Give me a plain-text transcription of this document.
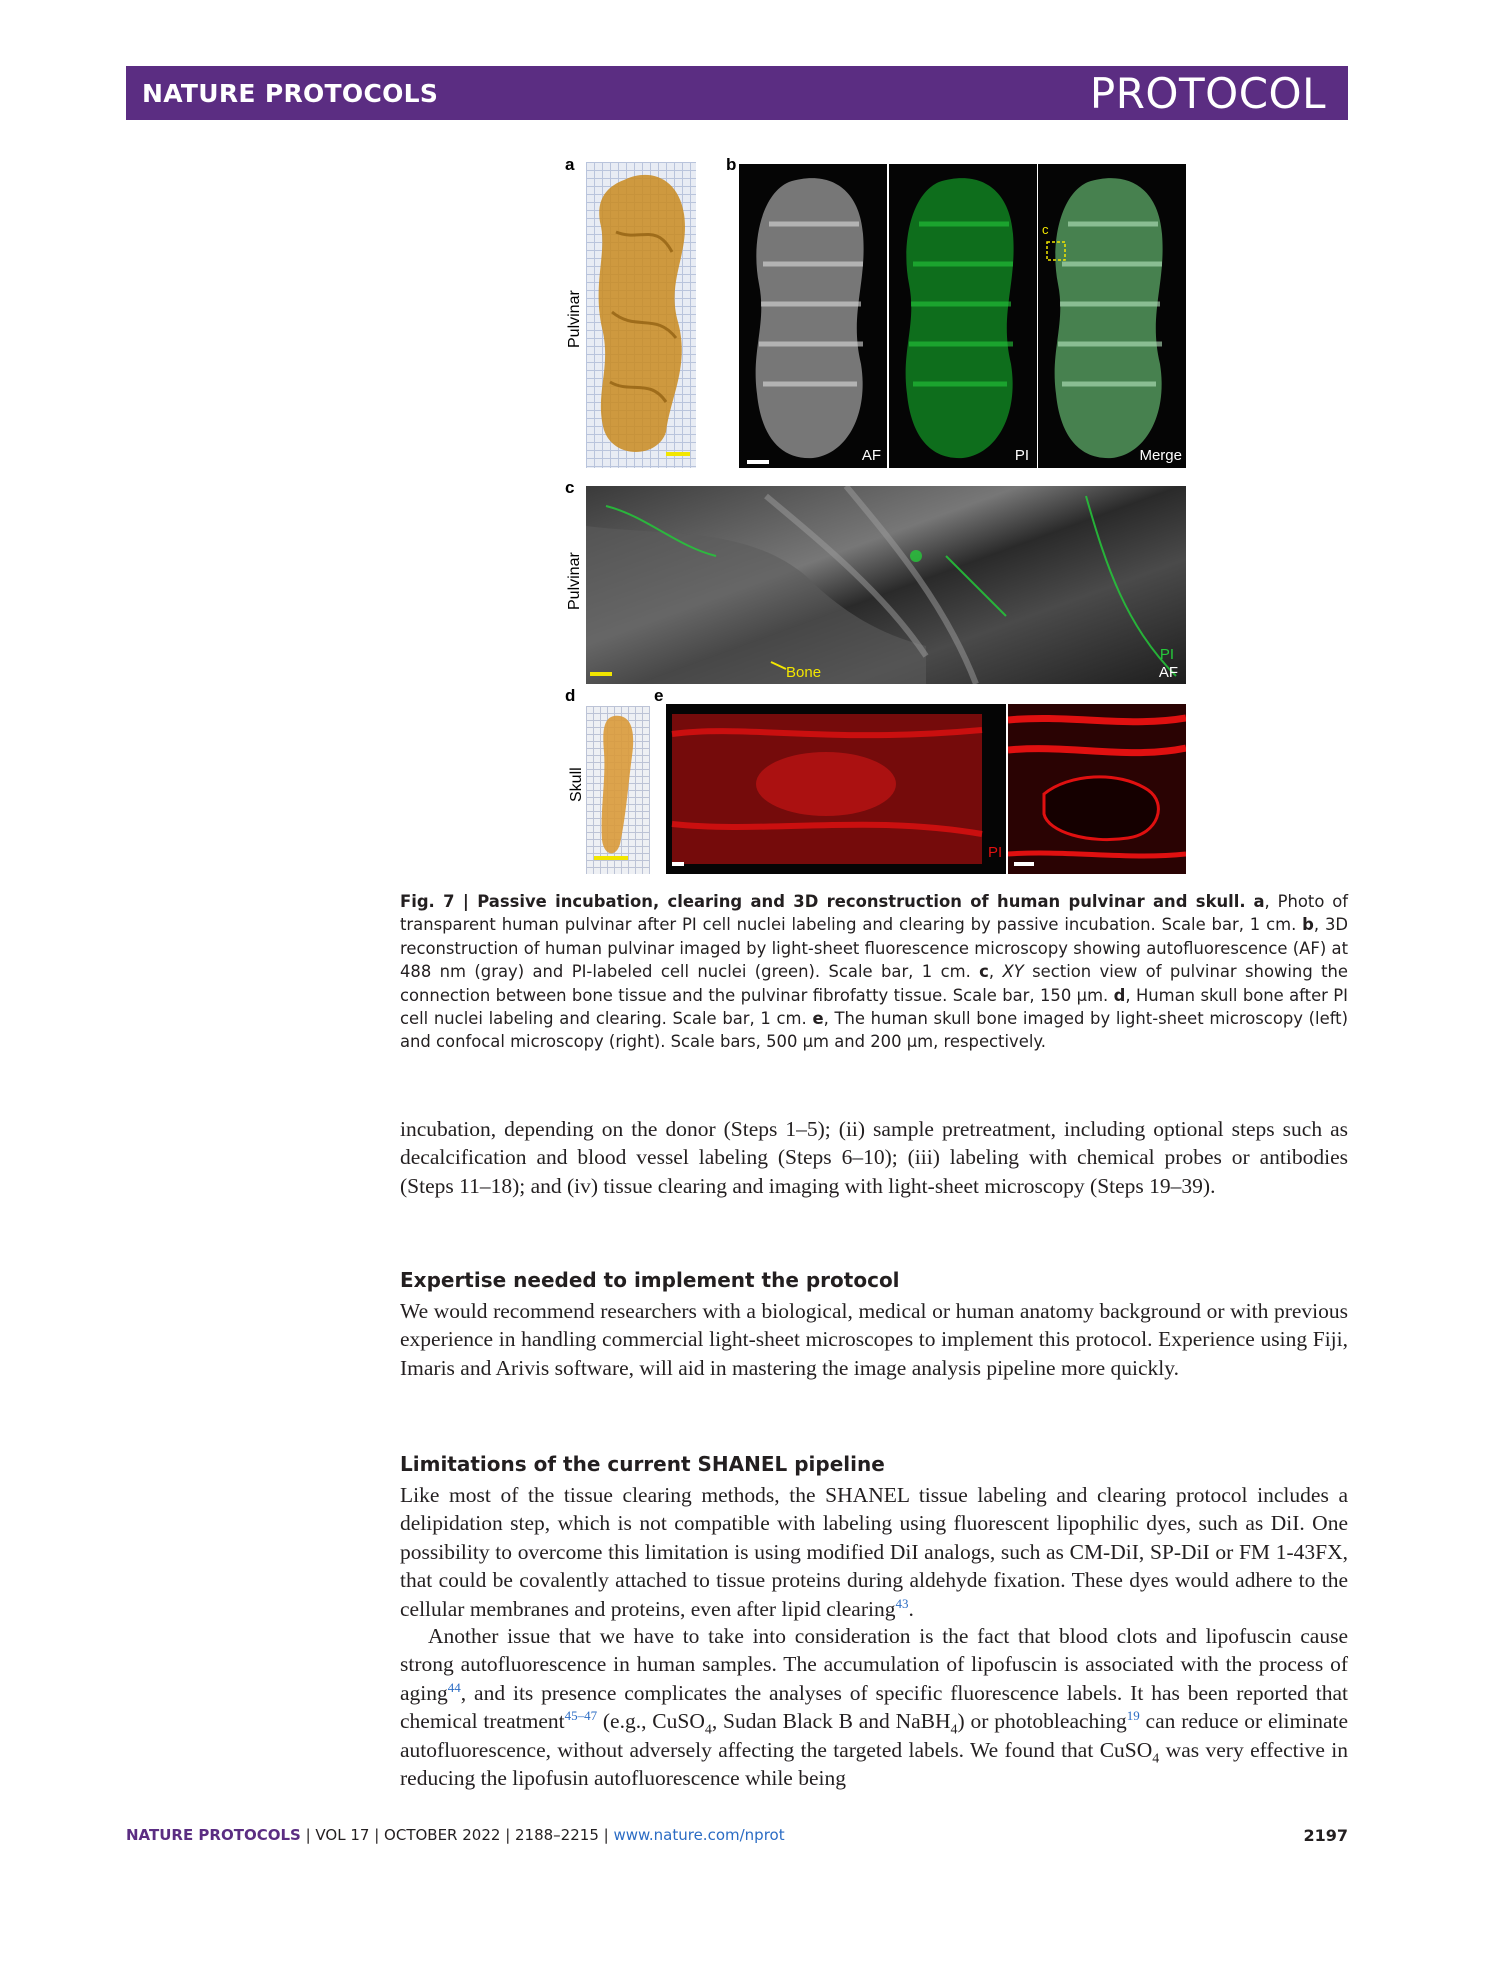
NATURE PROTOCOLS	PROTOCOL
a
Pulvinar
b
AF	PI
c
Merge
c
Pulvinar
Bone
PI
AF
d
Skull
e
PI
Fig. 7 | Passive incubation, clearing and 3D reconstruction of human pulvinar and skull. a, Photo of transparent human pulvinar after PI cell nuclei labeling and clearing by passive incubation. Scale bar, 1 cm. b, 3D reconstruction of human pulvinar imaged by light-sheet fluorescence microscopy showing autofluorescence (AF) at 488 nm (gray) and PI-labeled cell nuclei (green). Scale bar, 1 cm. c, XY section view of pulvinar showing the connection between bone tissue and the pulvinar fibrofatty tissue. Scale bar, 150 μm. d, Human skull bone after PI cell nuclei labeling and clearing. Scale bar, 1 cm. e, The human skull bone imaged by light-sheet microscopy (left) and confocal microscopy (right). Scale bars, 500 μm and 200 μm, respectively.
incubation, depending on the donor (Steps 1–5); (ii) sample pretreatment, including optional steps such as decalcification and blood vessel labeling (Steps 6–10); (iii) labeling with chemical probes or antibodies (Steps 11–18); and (iv) tissue clearing and imaging with light-sheet microscopy (Steps 19–39).
Expertise needed to implement the protocol
We would recommend researchers with a biological, medical or human anatomy background or with previous experience in handling commercial light-sheet microscopes to implement this protocol. Experience using Fiji, Imaris and Arivis software, will aid in mastering the image analysis pipeline more quickly.
Limitations of the current SHANEL pipeline
Like most of the tissue clearing methods, the SHANEL tissue labeling and clearing protocol includes a delipidation step, which is not compatible with labeling using fluorescent lipophilic dyes, such as DiI. One possibility to overcome this limitation is using modified DiI analogs, such as CM-DiI, SP-DiI or FM 1-43FX, that could be covalently attached to tissue proteins during aldehyde fixation. These dyes would adhere to the cellular membranes and proteins, even after lipid clearing$^{43}$.
Another issue that we have to take into consideration is the fact that blood clots and lipofuscin cause strong autofluorescence in human samples. The accumulation of lipofuscin is associated with the process of aging$^{44}$, and its presence complicates the analyses of specific fluorescence labels. It has been reported that chemical treatment$^{45-47}$ (e.g., CuSO$_4$, Sudan Black B and NaBH$_4$) or photobleaching$^{19}$ can reduce or eliminate autofluorescence, without adversely affecting the targeted labels. We found that CuSO$_4$ was very effective in reducing the lipofusin autofluorescence while being
NATURE PROTOCOLS | VOL 17 | OCTOBER 2022 | 2188–2215 | www.nature.com/nprot	2197
